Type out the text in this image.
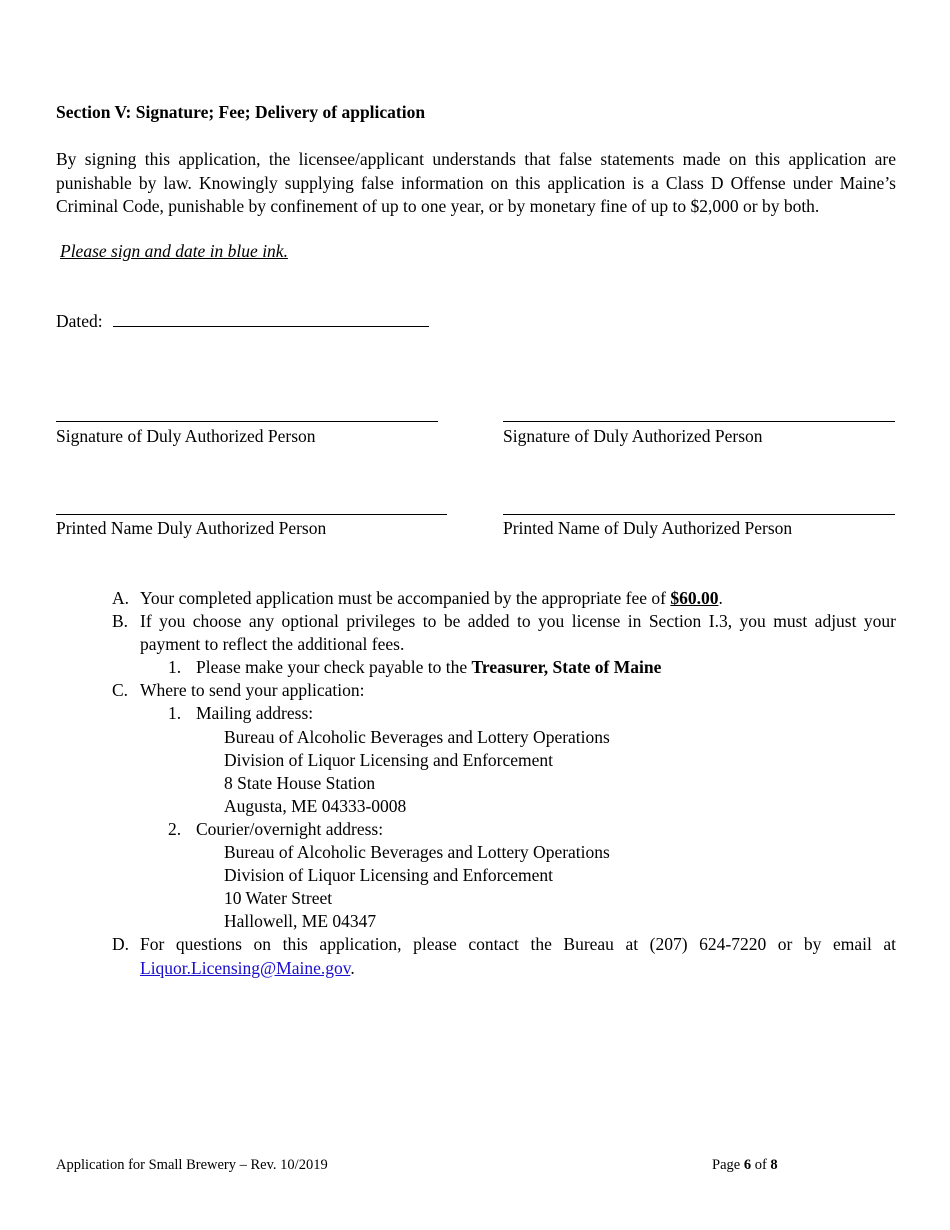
Section V: Signature; Fee; Delivery of application
By signing this application, the licensee/applicant understands that false statements made on this application are
punishable by law. Knowingly supplying false information on this application is a Class D Offense under Maine’s
Criminal Code, punishable by confinement of up to one year, or by monetary fine of up to $2,000 or by both.
Please sign and date in blue ink.
Dated:
Signature of Duly Authorized Person	Signature of Duly Authorized Person
Printed Name Duly Authorized Person	Printed Name of Duly Authorized Person
A. Your completed application must be accompanied by the appropriate fee of $60.00.
B. If you choose any optional privileges to be added to you license in Section I.3, you must adjust your
payment to reflect the additional fees.
1. Please make your check payable to the Treasurer, State of Maine
C. Where to send your application:
1. Mailing address:
Bureau of Alcoholic Beverages and Lottery Operations
Division of Liquor Licensing and Enforcement
8 State House Station
Augusta, ME 04333-0008
2. Courier/overnight address:
Bureau of Alcoholic Beverages and Lottery Operations
Division of Liquor Licensing and Enforcement
10 Water Street
Hallowell, ME 04347
D. For questions on this application, please contact the Bureau at (207) 624-7220 or by email at
Liquor.Licensing@Maine.gov.
Application for Small Brewery – Rev. 10/2019	Page 6 of 8
